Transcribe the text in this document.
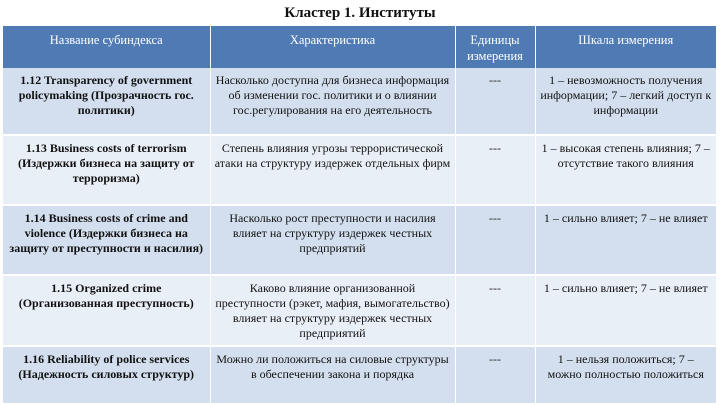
Кластер 1. Институты
Название субиндекса	Характеристика	Единицы измерения	Шкала измерения
1.12 Transparency of government policymaking (Прозрачность гос. политики)	Насколько доступна для бизнеса информация об изменении гос. политики и о влиянии гос.регулирования на его деятельность	---	1 – невозможность получения информации; 7 – легкий доступ к информации
1.13 Business costs of terrorism (Издержки бизнеса на защиту от терроризма)	Степень влияния угрозы террористической атаки на структуру издержек отдельных фирм	---	1 – высокая степень влияния; 7 – отсутствие такого влияния
1.14 Business costs of crime and violence (Издержки бизнеса на защиту от преступности и насилия)	Насколько рост преступности и насилия влияет на структуру издержек честных предприятий	---	1 – сильно влияет; 7 – не влияет
1.15 Organized crime (Организованная преступность)	Каково влияние организованной преступности (рэкет, мафия, вымогательство) влияет на структуру издержек честных предприятий	---	1 – сильно влияет; 7 – не влияет
1.16 Reliability of police services (Надежность силовых структур)	Можно ли положиться на силовые структуры в обеспечении закона и порядка	---	1 – нельзя положиться; 7 – можно полностью положиться
